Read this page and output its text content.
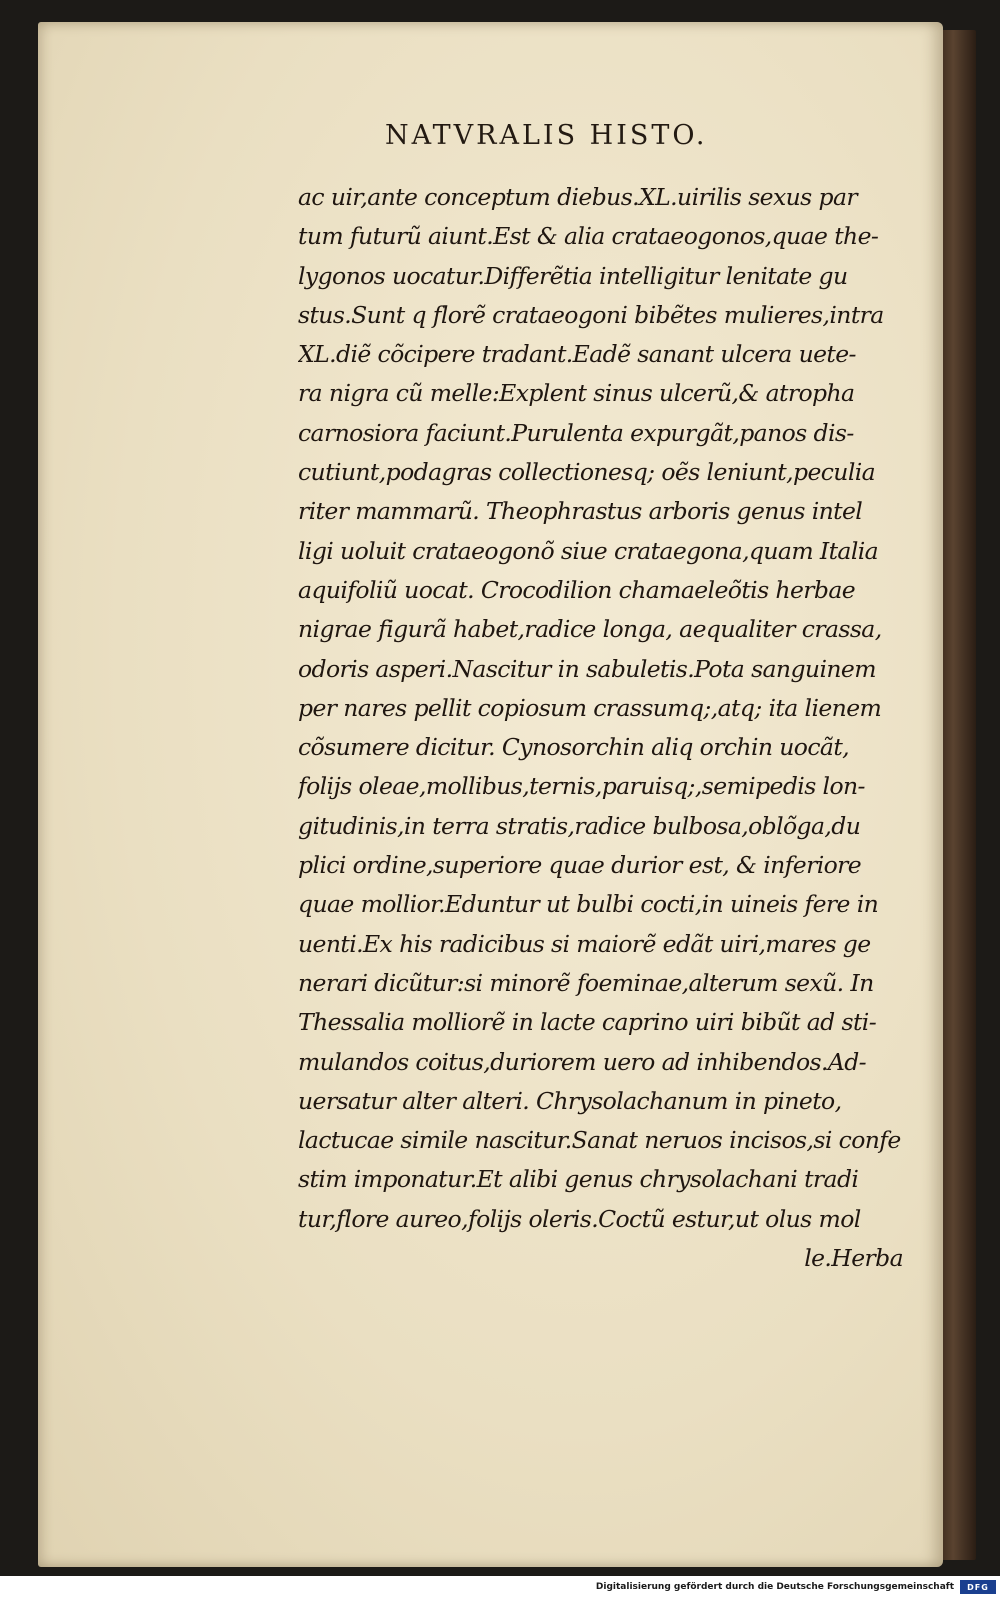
NATVRALIS HISTO.
ac uir,ante conceptum diebus.XL.uirilis sexus par
tum futurũ aiunt.Est & alia crataeogonos,quae the-
lygonos uocatur.Differẽtia intelligitur lenitate gu
stus.Sunt q florẽ crataeogoni bibẽtes mulieres,intra
XL.diẽ cõcipere tradant.Eadẽ sanant ulcera uete-
ra nigra cũ melle:Explent sinus ulcerũ,& atropha
carnosiora faciunt.Purulenta expurgãt,panos dis-
cutiunt,podagras collectionesq; oẽs leniunt,peculia
riter mammarũ. Theophrastus arboris genus intel
ligi uoluit crataeogonõ siue crataegona,quam Italia
aquifoliũ uocat. Crocodilion chamaeleõtis herbae
nigrae figurã habet,radice longa, aequaliter crassa,
odoris asperi.Nascitur in sabuletis.Pota sanguinem
per nares pellit copiosum crassumq;,atq; ita lienem
cõsumere dicitur. Cynosorchin aliq orchin uocãt,
folijs oleae,mollibus,ternis,paruisq;,semipedis lon-
gitudinis,in terra stratis,radice bulbosa,oblõga,du
plici ordine,superiore quae durior est, & inferiore
quae mollior.Eduntur ut bulbi cocti,in uineis fere in
uenti.Ex his radicibus si maiorẽ edãt uiri,mares ge
nerari dicũtur:si minorẽ foeminae,alterum sexũ. In
Thessalia molliorẽ in lacte caprino uiri bibũt ad sti-
mulandos coitus,duriorem uero ad inhibendos.Ad-
uersatur alter alteri. Chrysolachanum in pineto,
lactucae simile nascitur.Sanat neruos incisos,si confe
stim imponatur.Et alibi genus chrysolachani tradi
tur,flore aureo,folijs oleris.Coctũ estur,ut olus mol
le.Herba
Digitalisierung gefördert durch die Deutsche Forschungsgemeinschaft	DFG
